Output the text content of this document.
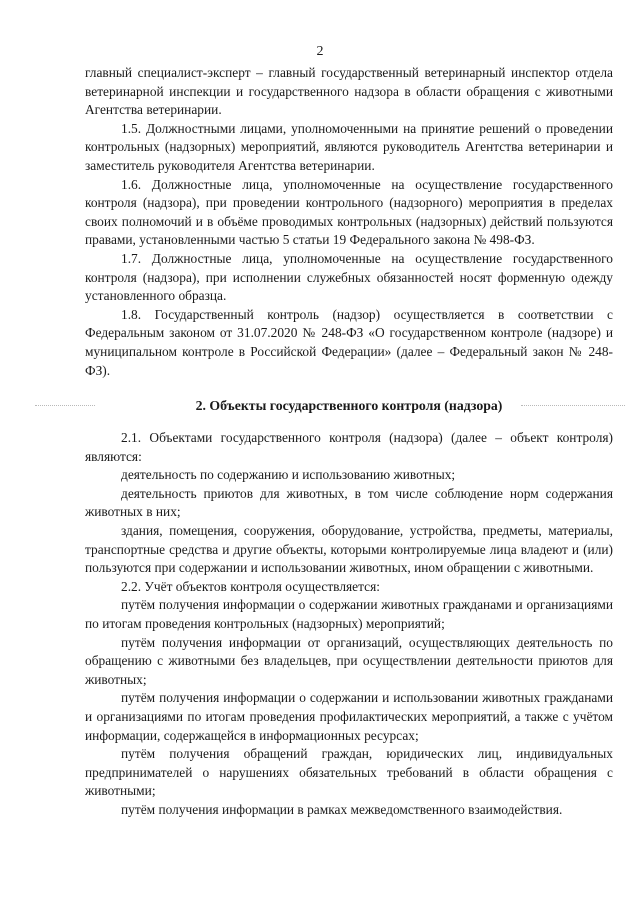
2

главный специалист-эксперт – главный государственный ветеринарный инспектор отдела ветеринарной инспекции и государственного надзора в области обращения с животными Агентства ветеринарии.

1.5. Должностными лицами, уполномоченными на принятие решений о проведении контрольных (надзорных) мероприятий, являются руководитель Агентства ветеринарии и заместитель руководителя Агентства ветеринарии.

1.6. Должностные лица, уполномоченные на осуществление государственного контроля (надзора), при проведении контрольного (надзорного) мероприятия в пределах своих полномочий и в объёме проводимых контрольных (надзорных) действий пользуются правами, установленными частью 5 статьи 19 Федерального закона № 498-ФЗ.

1.7. Должностные лица, уполномоченные на осуществление государственного контроля (надзора), при исполнении служебных обязанностей носят форменную одежду установленного образца.

1.8. Государственный контроль (надзор) осуществляется в соответствии с Федеральным законом от 31.07.2020 № 248-ФЗ «О государственном контроле (надзоре) и муниципальном контроле в Российской Федерации» (далее – Федеральный закон № 248-ФЗ).

2. Объекты государственного контроля (надзора)

2.1. Объектами государственного контроля (надзора) (далее – объект контроля) являются:

деятельность по содержанию и использованию животных;

деятельность приютов для животных, в том числе соблюдение норм содержания животных в них;

здания, помещения, сооружения, оборудование, устройства, предметы, материалы, транспортные средства и другие объекты, которыми контролируемые лица владеют и (или) пользуются при содержании и использовании животных, ином обращении с животными.

2.2. Учёт объектов контроля осуществляется:

путём получения информации о содержании животных гражданами и организациями по итогам проведения контрольных (надзорных) мероприятий;

путём получения информации от организаций, осуществляющих деятельность по обращению с животными без владельцев, при осуществлении деятельности приютов для животных;

путём получения информации о содержании и использовании животных гражданами и организациями по итогам проведения профилактических мероприятий, а также с учётом информации, содержащейся в информационных ресурсах;

путём получения обращений граждан, юридических лиц, индивидуальных предпринимателей о нарушениях обязательных требований в области обращения с животными;

путём получения информации в рамках межведомственного взаимодействия.
